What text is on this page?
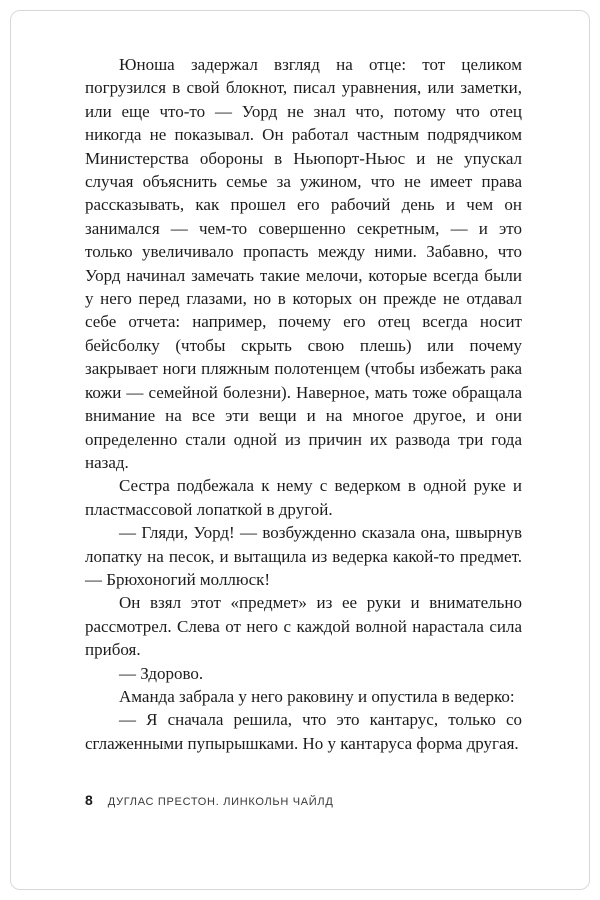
Юноша задержал взгляд на отце: тот целиком погрузился в свой блокнот, писал уравнения, или заметки, или еще что-то — Уорд не знал что, потому что отец никогда не показывал. Он работал частным подрядчиком Министерства обороны в Ньюпорт-Ньюс и не упускал случая объяснить семье за ужином, что не имеет права рассказывать, как прошел его рабочий день и чем он занимался — чем-то совершенно секретным, — и это только увеличивало пропасть между ними. Забавно, что Уорд начинал замечать такие мелочи, которые всегда были у него перед глазами, но в которых он прежде не отдавал себе отчета: например, почему его отец всегда носит бейсболку (чтобы скрыть свою плешь) или почему закрывает ноги пляжным полотенцем (чтобы избежать рака кожи — семейной болезни). Наверное, мать тоже обращала внимание на все эти вещи и на многое другое, и они определенно стали одной из причин их развода три года назад.

Сестра подбежала к нему с ведерком в одной руке и пластмассовой лопаткой в другой.

— Гляди, Уорд! — возбужденно сказала она, швырнув лопатку на песок, и вытащила из ведерка какой-то предмет. — Брюхоногий моллюск!

Он взял этот «предмет» из ее руки и внимательно рассмотрел. Слева от него с каждой волной нарастала сила прибоя.

— Здорово.

Аманда забрала у него раковину и опустила в ведерко:

— Я сначала решила, что это кантарус, только со сглаженными пупырышками. Но у кантаруса форма другая.

8 ДУГЛАС ПРЕСТОН. ЛИНКОЛЬН ЧАЙЛД
